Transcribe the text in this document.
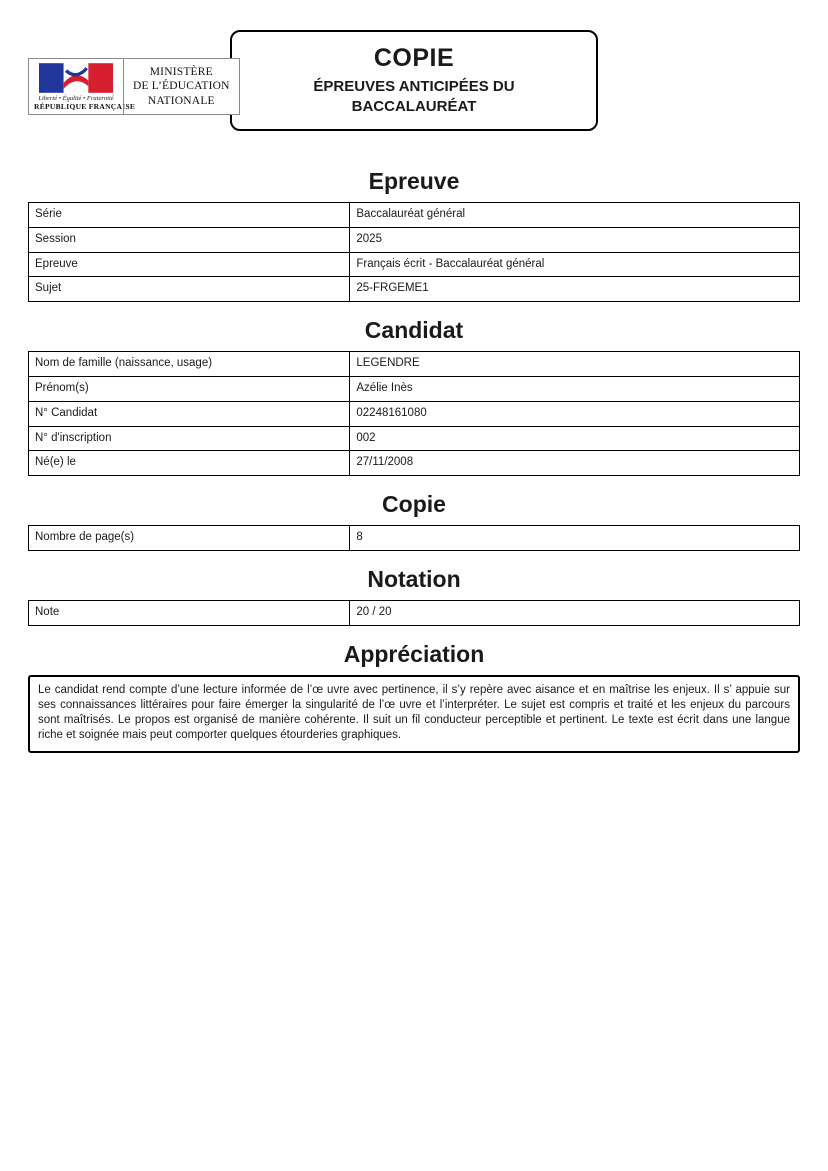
Liberté • Égalité • Fraternité
RÉPUBLIQUE FRANÇAISE
MINISTÈRE
DE L’ÉDUCATION
NATIONALE
COPIE
ÉPREUVES ANTICIPÉES DU
BACCALAURÉAT
Epreuve
Série	Baccalauréat général
Session	2025
Epreuve	Français écrit - Baccalauréat général
Sujet	25-FRGEME1
Candidat
Nom de famille (naissance, usage)	LEGENDRE
Prénom(s)	Azélie Inès
N° Candidat	02248161080
N° d'inscription	002
Né(e) le	27/11/2008
Copie
Nombre de page(s)	8
Notation
Note	20 / 20
Appréciation
Le candidat rend compte d’une lecture informée de l’œ uvre avec pertinence, il s’y repère avec aisance et en maîtrise les enjeux. Il s’ appuie sur ses connaissances littéraires pour faire émerger la singularité de l’œ uvre et l’interpréter. Le sujet est compris et traité et les enjeux du parcours sont maîtrisés. Le propos est organisé de manière cohérente. Il suit un fil conducteur perceptible et pertinent. Le texte est écrit dans une langue riche et soignée mais peut comporter quelques étourderies graphiques.
